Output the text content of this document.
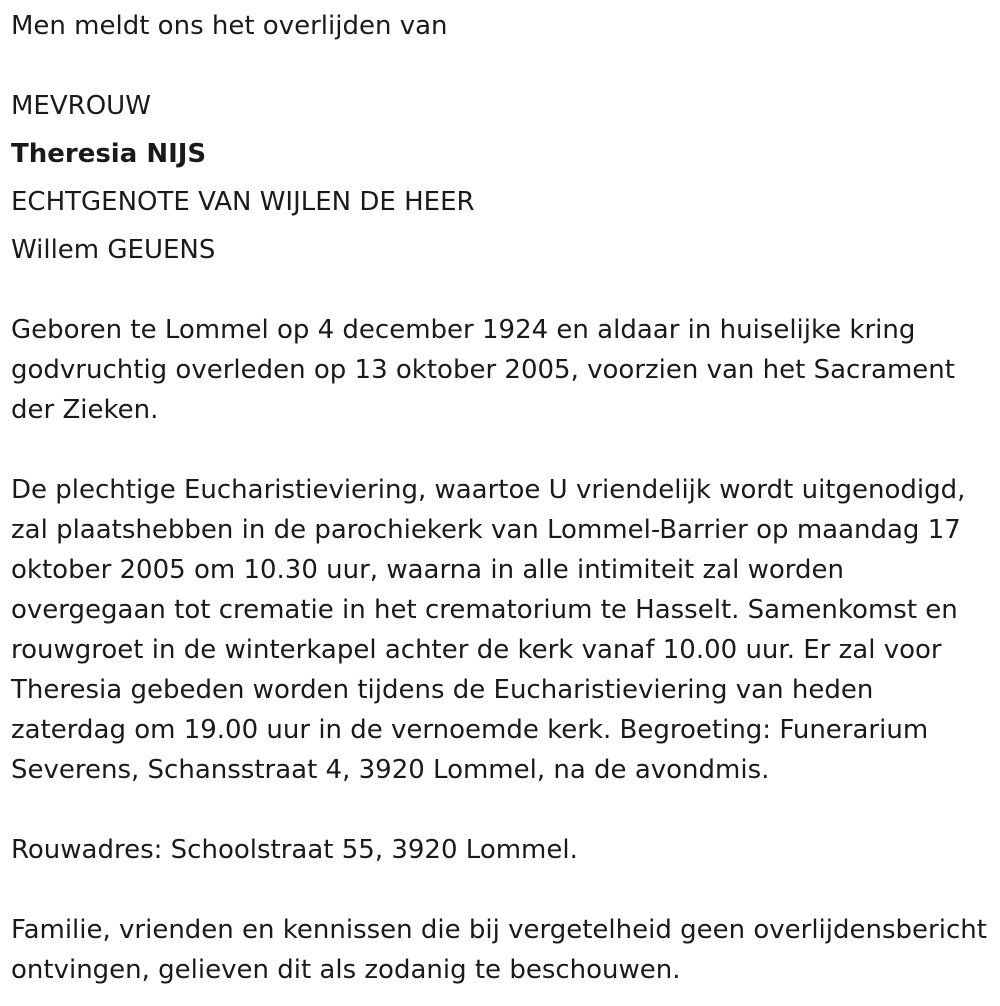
Men meldt ons het overlijden van

MEVROUW

Theresia NIJS

ECHTGENOTE VAN WIJLEN DE HEER

Willem GEUENS

Geboren te Lommel op 4 december 1924 en aldaar in huiselijke kring godvruchtig overleden op 13 oktober 2005, voorzien van het Sacrament der Zieken.

De plechtige Eucharistieviering, waartoe U vriendelijk wordt uitgenodigd, zal plaatshebben in de parochiekerk van Lommel-Barrier op maandag 17 oktober 2005 om 10.30 uur, waarna in alle intimiteit zal worden overgegaan tot crematie in het crematorium te Hasselt. Samenkomst en rouwgroet in de winterkapel achter de kerk vanaf 10.00 uur. Er zal voor Theresia gebeden worden tijdens de Eucharistieviering van heden zaterdag om 19.00 uur in de vernoemde kerk. Begroeting: Funerarium Severens, Schansstraat 4, 3920 Lommel, na de avondmis.

Rouwadres: Schoolstraat 55, 3920 Lommel.

Familie, vrienden en kennissen die bij vergetelheid geen overlijdensbericht ontvingen, gelieven dit als zodanig te beschouwen.
